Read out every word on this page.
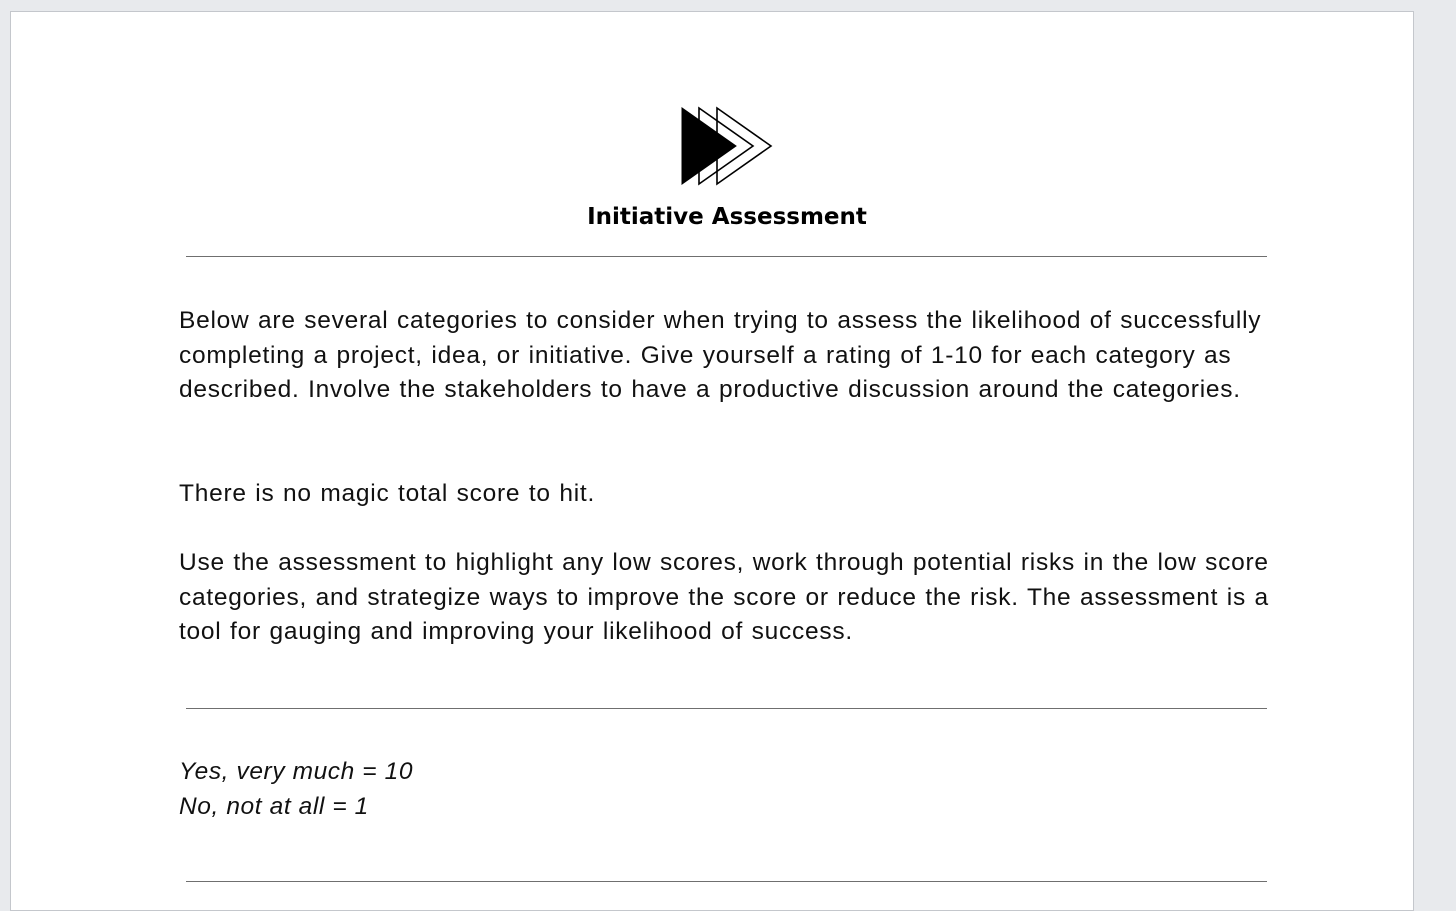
Initiative Assessment

Below are several categories to consider when trying to assess the likelihood of successfully completing a project, idea, or initiative. Give yourself a rating of 1-10 for each category as described. Involve the stakeholders to have a productive discussion around the categories.

There is no magic total score to hit.

Use the assessment to highlight any low scores, work through potential risks in the low score categories, and strategize ways to improve the score or reduce the risk. The assessment is a tool for gauging and improving your likelihood of success.

Yes, very much = 10
No, not at all = 1
